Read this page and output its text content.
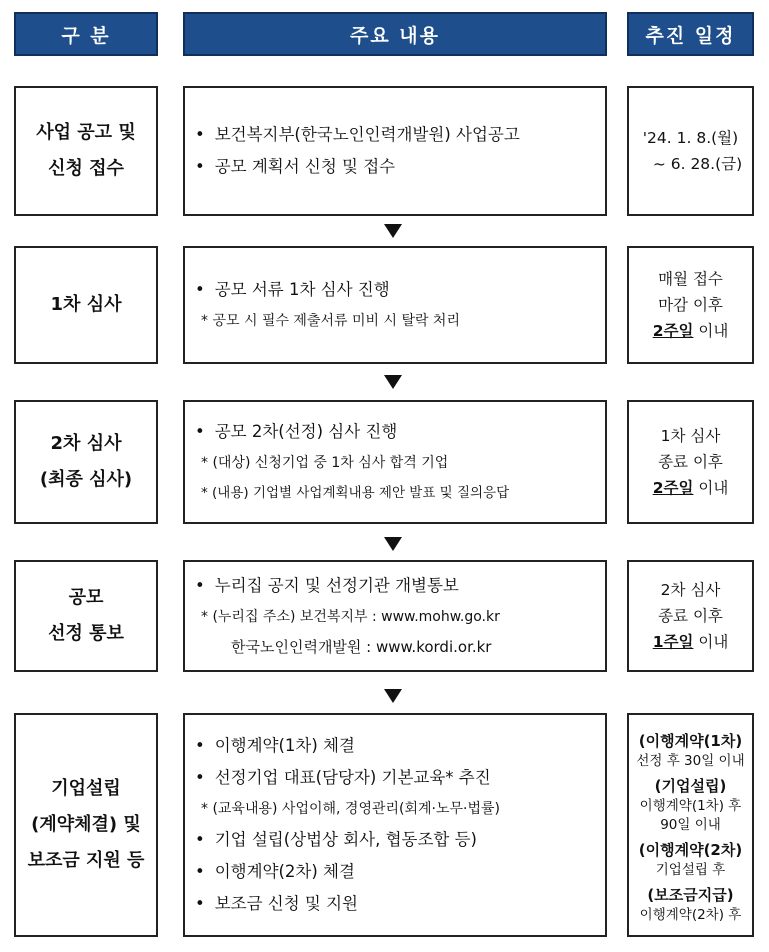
구 분	주요 내용	추진 일정
사업 공고 및
신청 접수
• 보건복지부(한국노인인력개발원) 사업공고
• 공모 계획서 신청 및 접수
'24. 1. 8.(월)
~ 6. 28.(금)
1차 심사
• 공모 서류 1차 심사 진행
* 공모 시 필수 제출서류 미비 시 탈락 처리
매월 접수
마감 이후
2주일 이내
2차 심사
(최종 심사)
• 공모 2차(선정) 심사 진행
* (대상) 신청기업 중 1차 심사 합격 기업
* (내용) 기업별 사업계획내용 제안 발표 및 질의응답
1차 심사
종료 이후
2주일 이내
공모
선정 통보
• 누리집 공지 및 선정기관 개별통보
* (누리집 주소) 보건복지부 : www.mohw.go.kr
한국노인인력개발원 : www.kordi.or.kr
2차 심사
종료 이후
1주일 이내
기업설립
(계약체결) 및
보조금 지원 등
• 이행계약(1차) 체결
• 선정기업 대표(담당자) 기본교육* 추진
* (교육내용) 사업이해, 경영관리(회계·노무·법률)
• 기업 설립(상법상 회사, 협동조합 등)
• 이행계약(2차) 체결
• 보조금 신청 및 지원
(이행계약(1차)
선정 후 30일 이내
(기업설립)
이행계약(1차) 후
90일 이내
(이행계약(2차)
기업설립 후
(보조금지급)
이행계약(2차) 후
